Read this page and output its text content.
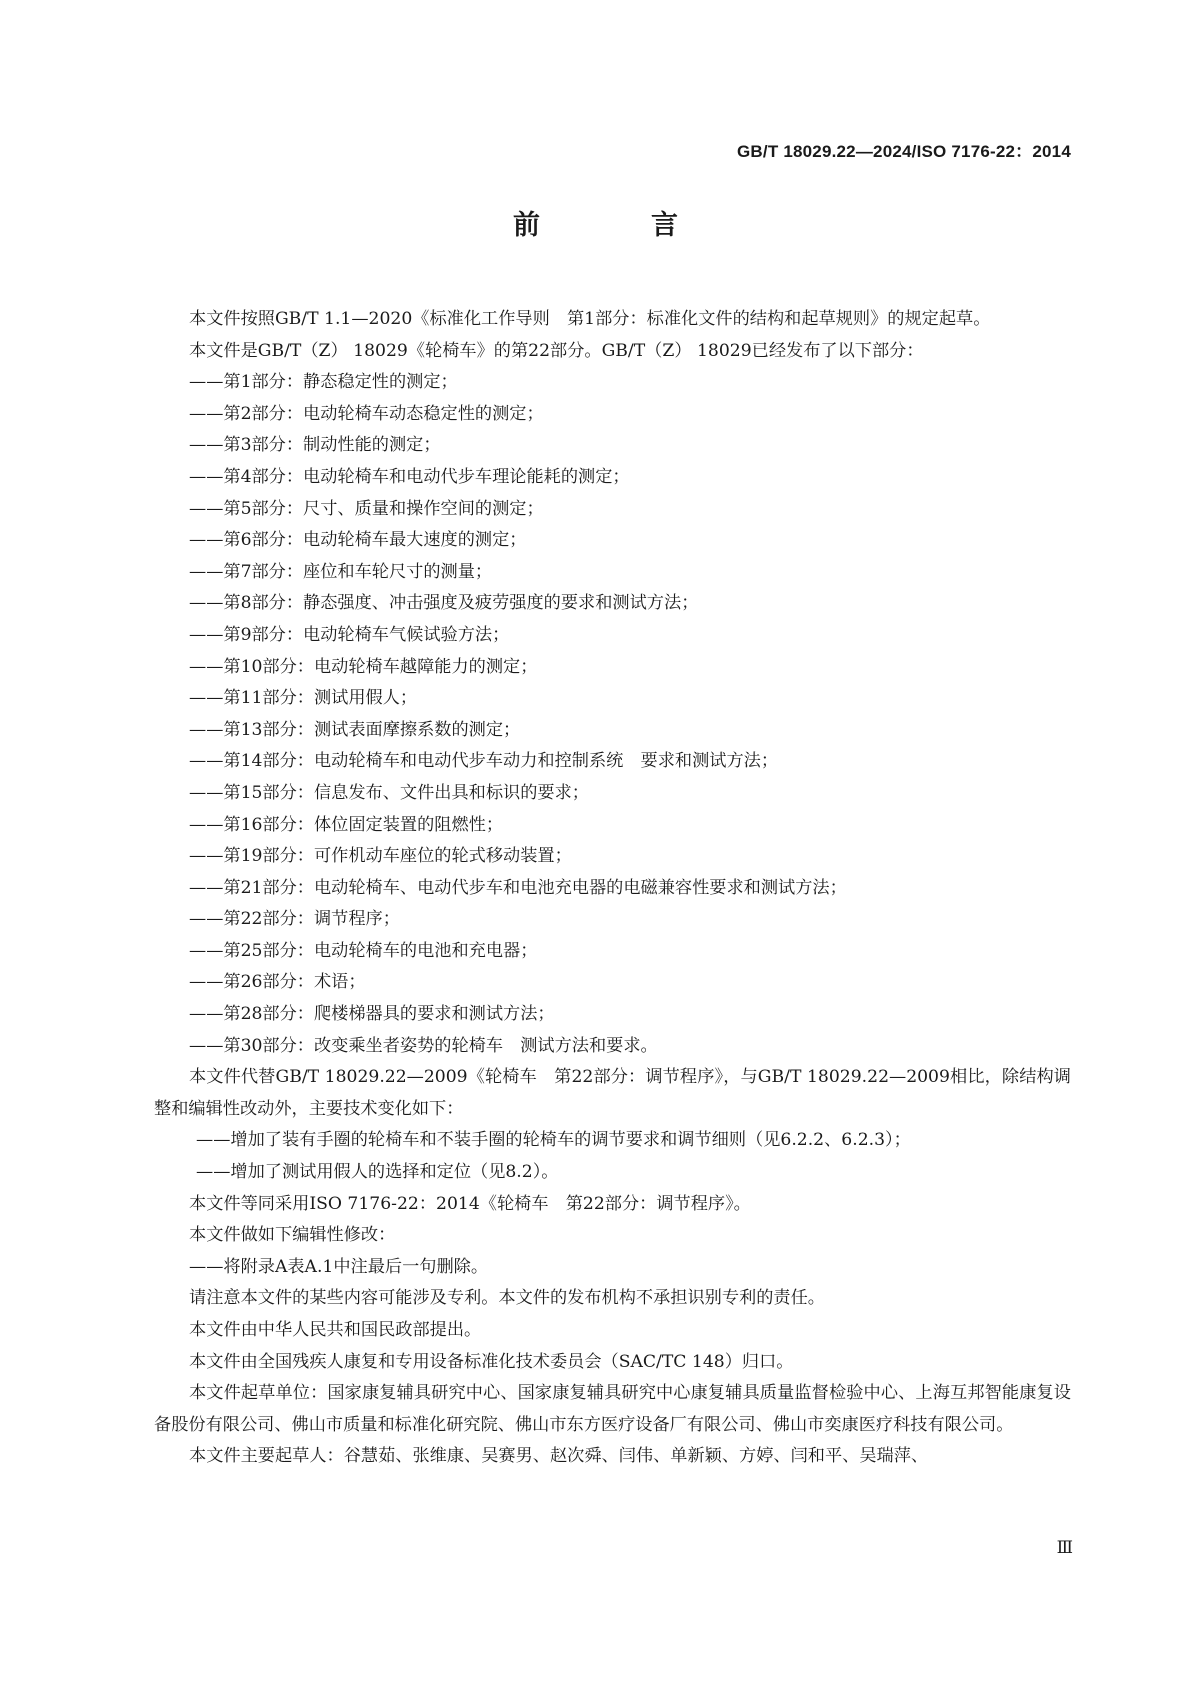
GB/T 18029.22—2024/ISO 7176-22：2014
前　言

本文件按照GB/T 1.1—2020《标准化工作导则　第1部分：标准化文件的结构和起草规则》的规定起草。

本文件是GB/T（Z） 18029《轮椅车》的第22部分。GB/T（Z） 18029已经发布了以下部分：

——第1部分：静态稳定性的测定；

——第2部分：电动轮椅车动态稳定性的测定；

——第3部分：制动性能的测定；

——第4部分：电动轮椅车和电动代步车理论能耗的测定；

——第5部分：尺寸、质量和操作空间的测定；

——第6部分：电动轮椅车最大速度的测定；

——第7部分：座位和车轮尺寸的测量；

——第8部分：静态强度、冲击强度及疲劳强度的要求和测试方法；

——第9部分：电动轮椅车气候试验方法；

——第10部分：电动轮椅车越障能力的测定；

——第11部分：测试用假人；

——第13部分：测试表面摩擦系数的测定；

——第14部分：电动轮椅车和电动代步车动力和控制系统　要求和测试方法；

——第15部分：信息发布、文件出具和标识的要求；

——第16部分：体位固定装置的阻燃性；

——第19部分：可作机动车座位的轮式移动装置；

——第21部分：电动轮椅车、电动代步车和电池充电器的电磁兼容性要求和测试方法；

——第22部分：调节程序；

——第25部分：电动轮椅车的电池和充电器；

——第26部分：术语；

——第28部分：爬楼梯器具的要求和测试方法；

——第30部分：改变乘坐者姿势的轮椅车　测试方法和要求。

本文件代替GB/T 18029.22—2009《轮椅车　第22部分：调节程序》，与GB/T 18029.22—2009相比，除结构调整和编辑性改动外，主要技术变化如下：

——增加了装有手圈的轮椅车和不装手圈的轮椅车的调节要求和调节细则（见6.2.2、6.2.3）；

——增加了测试用假人的选择和定位（见8.2）。

本文件等同采用ISO 7176-22：2014《轮椅车　第22部分：调节程序》。

本文件做如下编辑性修改：

——将附录A表A.1中注最后一句删除。

请注意本文件的某些内容可能涉及专利。本文件的发布机构不承担识别专利的责任。

本文件由中华人民共和国民政部提出。

本文件由全国残疾人康复和专用设备标准化技术委员会（SAC/TC 148）归口。

本文件起草单位：国家康复辅具研究中心、国家康复辅具研究中心康复辅具质量监督检验中心、上海互邦智能康复设备股份有限公司、佛山市质量和标准化研究院、佛山市东方医疗设备厂有限公司、佛山市奕康医疗科技有限公司。

本文件主要起草人：谷慧茹、张维康、吴赛男、赵次舜、闫伟、单新颖、方婷、闫和平、吴瑞萍、

Ⅲ
